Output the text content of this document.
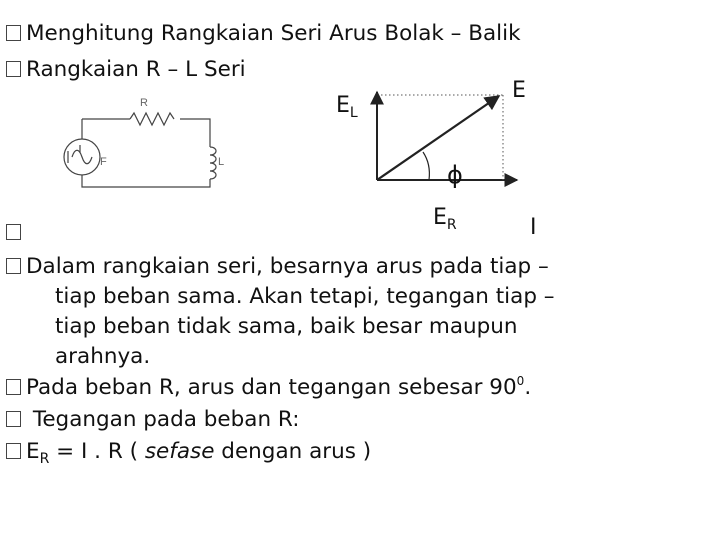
Menghitung Rangkaian Seri Arus Bolak – Balik
Rangkaian R – L Seri
Dalam rangkaian seri, besarnya arus pada tiap –
tiap beban sama. Akan tetapi, tegangan tiap –
tiap beban tidak sama, baik besar maupun
arahnya.
Pada beban R, arus dan tegangan sebesar $90^0$.
Tegangan pada beban R:
$E_R = I$ . R ( sefase dengan arus )
R
F	L
$E_L$
E
ϕ
$E_R$	I
